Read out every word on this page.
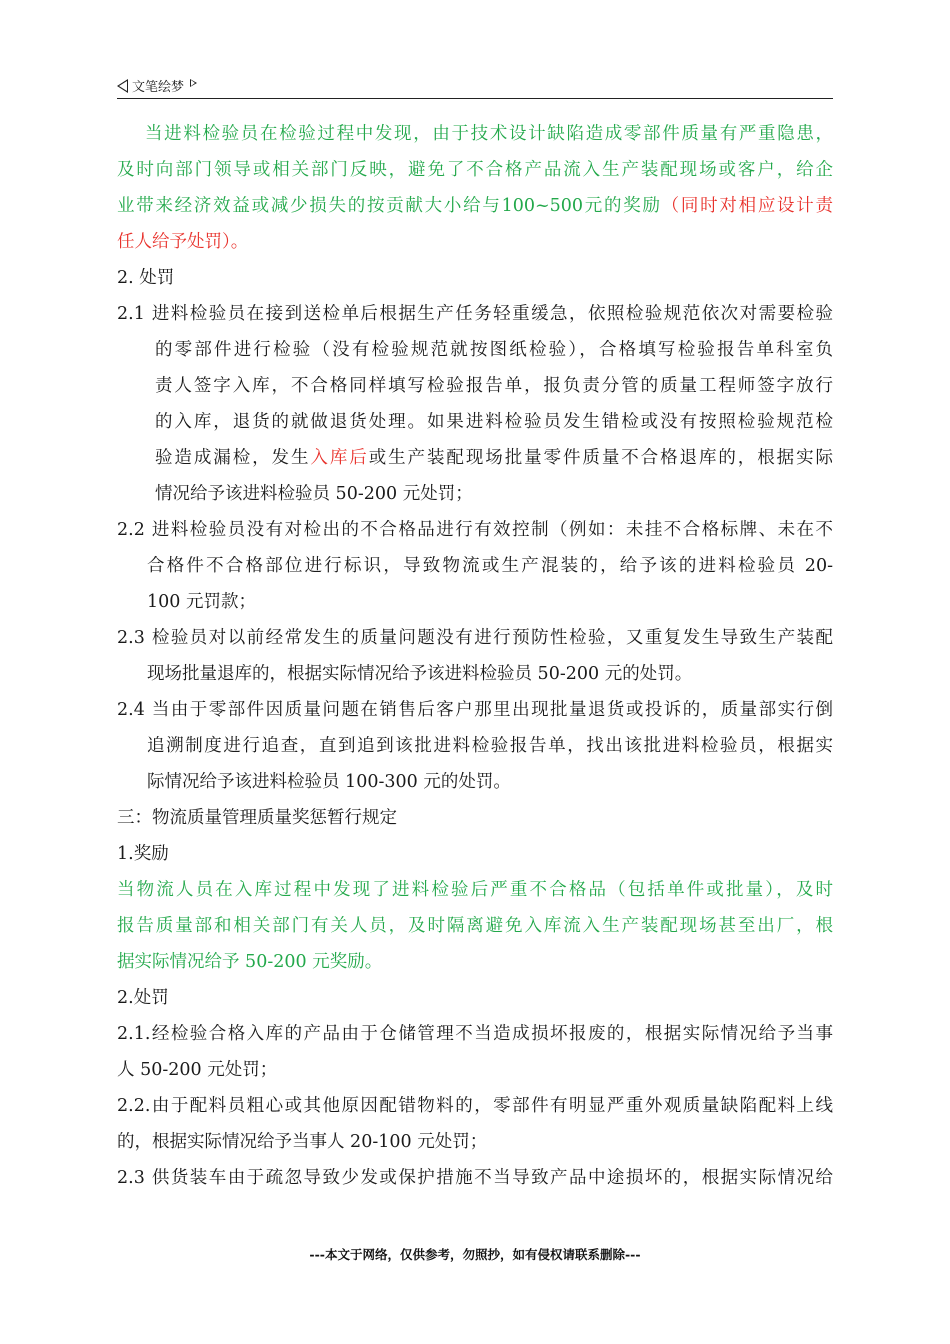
文笔绘梦
当进料检验员在检验过程中发现，由于技术设计缺陷造成零部件质量有严重隐患，
及时向部门领导或相关部门反映，避免了不合格产品流入生产装配现场或客户，给企
业带来经济效益或减少损失的按贡献大小给与100~500元的奖励（同时对相应设计责
任人给予处罚）。
2. 处罚
2.1 进料检验员在接到送检单后根据生产任务轻重缓急，依照检验规范依次对需要检验
的零部件进行检验（没有检验规范就按图纸检验），合格填写检验报告单科室负
责人签字入库，不合格同样填写检验报告单，报负责分管的质量工程师签字放行
的入库，退货的就做退货处理。如果进料检验员发生错检或没有按照检验规范检
验造成漏检，发生入库后或生产装配现场批量零件质量不合格退库的，根据实际
情况给予该进料检验员 50-200 元处罚；
2.2 进料检验员没有对检出的不合格品进行有效控制（例如：未挂不合格标牌、未在不
合格件不合格部位进行标识，导致物流或生产混装的，给予该的进料检验员 20-
100 元罚款；
2.3 检验员对以前经常发生的质量问题没有进行预防性检验，又重复发生导致生产装配
现场批量退库的，根据实际情况给予该进料检验员 50-200 元的处罚。
2.4 当由于零部件因质量问题在销售后客户那里出现批量退货或投诉的，质量部实行倒
追溯制度进行追查，直到追到该批进料检验报告单，找出该批进料检验员，根据实
际情况给予该进料检验员 100-300 元的处罚。
三：物流质量管理质量奖惩暂行规定
1.奖励
当物流人员在入库过程中发现了进料检验后严重不合格品（包括单件或批量），及时
报告质量部和相关部门有关人员，及时隔离避免入库流入生产装配现场甚至出厂，根
据实际情况给予 50-200 元奖励。
2.处罚
2.1.经检验合格入库的产品由于仓储管理不当造成损坏报废的，根据实际情况给予当事
人 50-200 元处罚；
2.2.由于配料员粗心或其他原因配错物料的，零部件有明显严重外观质量缺陷配料上线
的，根据实际情况给予当事人 20-100 元处罚；
2.3 供货装车由于疏忽导致少发或保护措施不当导致产品中途损坏的，根据实际情况给
---本文于网络，仅供参考，勿照抄，如有侵权请联系删除---
